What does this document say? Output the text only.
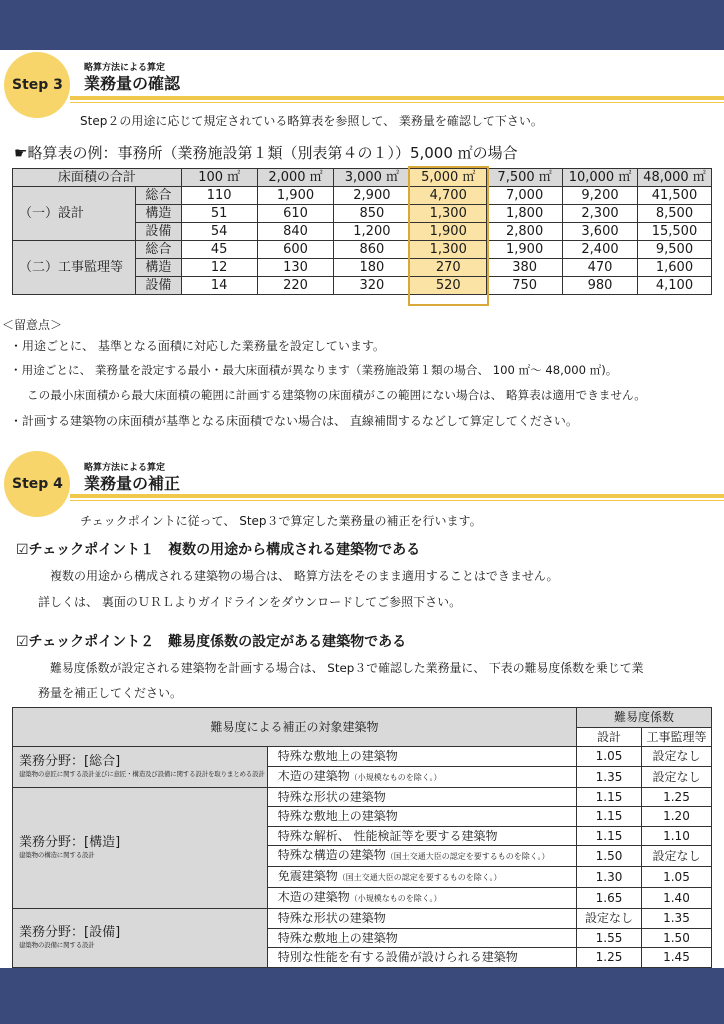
Step 3
略算方法による算定
業務量の確認
Step２の用途に応じて規定されている略算表を参照して、 業務量を確認して下さい。
☛略算表の例：事務所（業務施設第１類（別表第４の１））5,000 ㎡の場合
床面積の合計		100 ㎡	2,000 ㎡	3,000 ㎡	5,000 ㎡	7,500 ㎡	10,000 ㎡	48,000 ㎡
（一）設計	総合	110	1,900	2,900	4,700	7,000	9,200	41,500
	構造	51	610	850	1,300	1,800	2,300	8,500
	設備	54	840	1,200	1,900	2,800	3,600	15,500
（二）工事監理等	総合	45	600	860	1,300	1,900	2,400	9,500
	構造	12	130	180	270	380	470	1,600
	設備	14	220	320	520	750	980	4,100
＜留意点＞
・用途ごとに、 基準となる面積に対応した業務量を設定しています。
・用途ごとに、 業務量を設定する最小・最大床面積が異なります（業務施設第１類の場合、 100 ㎡～ 48,000 ㎡)。
この最小床面積から最大床面積の範囲に計画する建築物の床面積がこの範囲にない場合は、 略算表は適用できません。
・計画する建築物の床面積が基準となる床面積でない場合は、 直線補間するなどして算定してください。
Step 4
略算方法による算定
業務量の補正
チェックポイントに従って、 Step３で算定した業務量の補正を行います。
☑チェックポイント１　複数の用途から構成される建築物である
複数の用途から構成される建築物の場合は、 略算方法をそのまま適用することはできません。
詳しくは、 裏面のＵＲＬよりガイドラインをダウンロードしてご参照下さい。
☑チェックポイント２　難易度係数の設定がある建築物である
難易度係数が設定される建築物を計画する場合は、 Step３で確認した業務量に、 下表の難易度係数を乗じて業
務量を補正してください。
難易度による補正の対象建築物		難易度係数	
		設計	工事監理等

業務分野：[総合]
建築物の意匠に関する設計並びに意匠・構造及び設備に関する設計を取りまとめる設計	特殊な敷地上の建築物	1.05	設定なし
	木造の建築物（小規模なものを除く。）	1.35	設定なし

業務分野：[構造]
建築物の構造に関する設計	特殊な形状の建築物	1.15	1.25
	特殊な敷地上の建築物	1.15	1.20
	特殊な解析、 性能検証等を要する建築物	1.15	1.10
	特殊な構造の建築物（国土交通大臣の認定を要するものを除く。）	1.50	設定なし
	免震建築物（国土交通大臣の認定を要するものを除く。）	1.30	1.05
	木造の建築物（小規模なものを除く。）	1.65	1.40

業務分野：[設備]
建築物の設備に関する設計	特殊な形状の建築物	設定なし	1.35
	特殊な敷地上の建築物	1.55	1.50
	特別な性能を有する設備が設けられる建築物	1.25	1.45
